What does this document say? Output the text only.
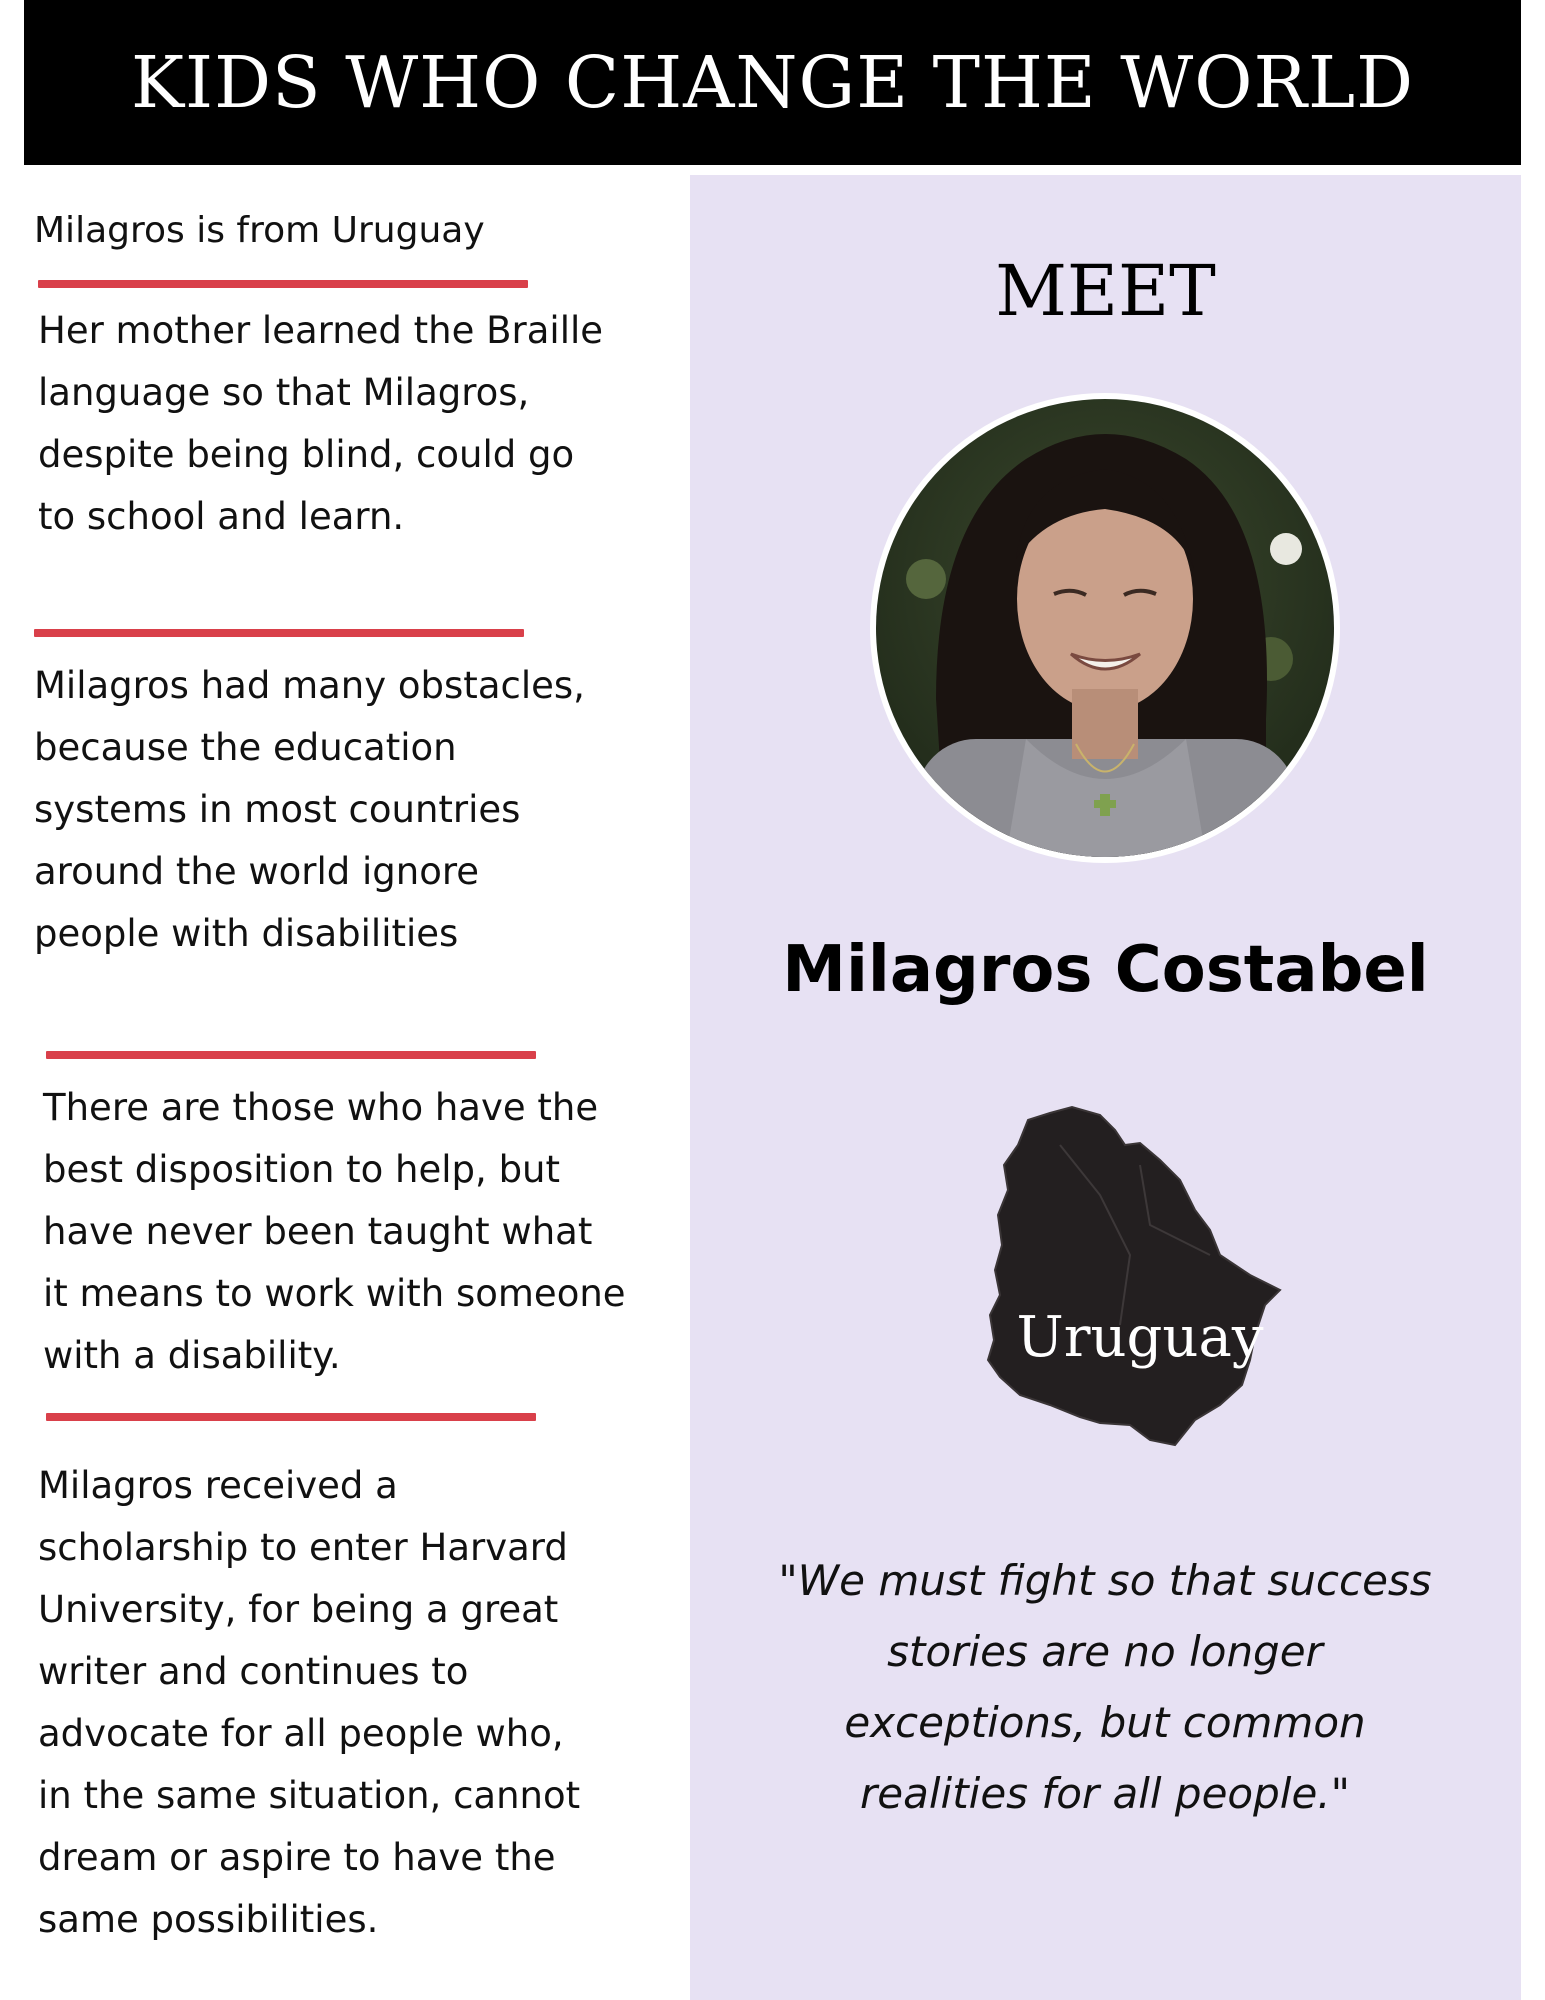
KIDS WHO CHANGE THE WORLD

Milagros is from Uruguay

Her mother learned the Braille
language so that Milagros,
despite being blind, could go
to school and learn.

Milagros had many obstacles,
because the education
systems in most countries
around the world ignore
people with disabilities

There are those who have the
best disposition to help, but
have never been taught what
it means to work with someone
with a disability.

Milagros received a
scholarship to enter Harvard
University, for being a great
writer and continues to
advocate for all people who,
in the same situation, cannot
dream or aspire to have the
same possibilities.

MEET
Milagros Costabel
Uruguay
"We must fight so that success
stories are no longer
exceptions, but common
realities for all people."
